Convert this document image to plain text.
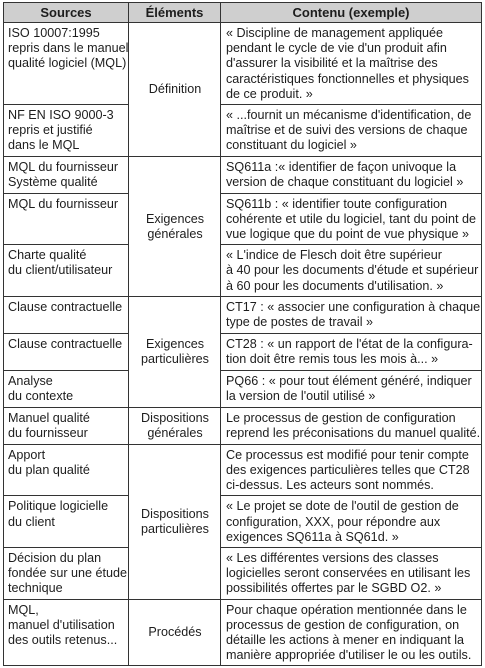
Sources	Éléments	Contenu (exemple)

ISO 10007:1995
repris dans le manuel
qualité logiciel (MQL)	Définition	« Discipline de management appliquée
pendant le cycle de vie d'un produit afin
d'assurer la visibilité et la maîtrise des
caractéristiques fonctionnelles et physiques
de ce produit. »

NF EN ISO 9000-3
repris et justifié
dans le MQL		« ...fournit un mécanisme d'identification, de
maîtrise et de suivi des versions de chaque
constituant du logiciel »

MQL du fournisseur
Système qualité	Exigences
générales	SQ611a :« identifier de façon univoque la
version de chaque constituant du logiciel »

MQL du fournisseur		SQ611b : « identifier toute configuration
cohérente et utile du logiciel, tant du point de
vue logique que du point de vue physique »

Charte qualité
du client/utilisateur		« L'indice de Flesch doit être supérieur
à 40 pour les documents d'étude et supérieur
à 60 pour les documents d'utilisation. »

Clause contractuelle	Exigences
particulières	CT17 : « associer une configuration à chaque
type de postes de travail »

Clause contractuelle		CT28 : « un rapport de l'état de la configura-
tion doit être remis tous les mois à... »

Analyse
du contexte		PQ66 : « pour tout élément généré, indiquer
la version de l'outil utilisé »

Manuel qualité
du fournisseur	Dispositions
générales	Le processus de gestion de configuration
reprend les préconisations du manuel qualité.

Apport
du plan qualité	Dispositions
particulières	Ce processus est modifié pour tenir compte
des exigences particulières telles que CT28
ci-dessus. Les acteurs sont nommés.

Politique logicielle
du client		« Le projet se dote de l'outil de gestion de
configuration, XXX, pour répondre aux
exigences SQ611a à SQ61d. »

Décision du plan
fondée sur une étude
technique		« Les différentes versions des classes
logicielles seront conservées en utilisant les
possibilités offertes par le SGBD O2. »

MQL,
manuel d'utilisation
des outils retenus...	Procédés	Pour chaque opération mentionnée dans le
processus de gestion de configuration, on
détaille les actions à mener en indiquant la
manière appropriée d'utiliser le ou les outils.
